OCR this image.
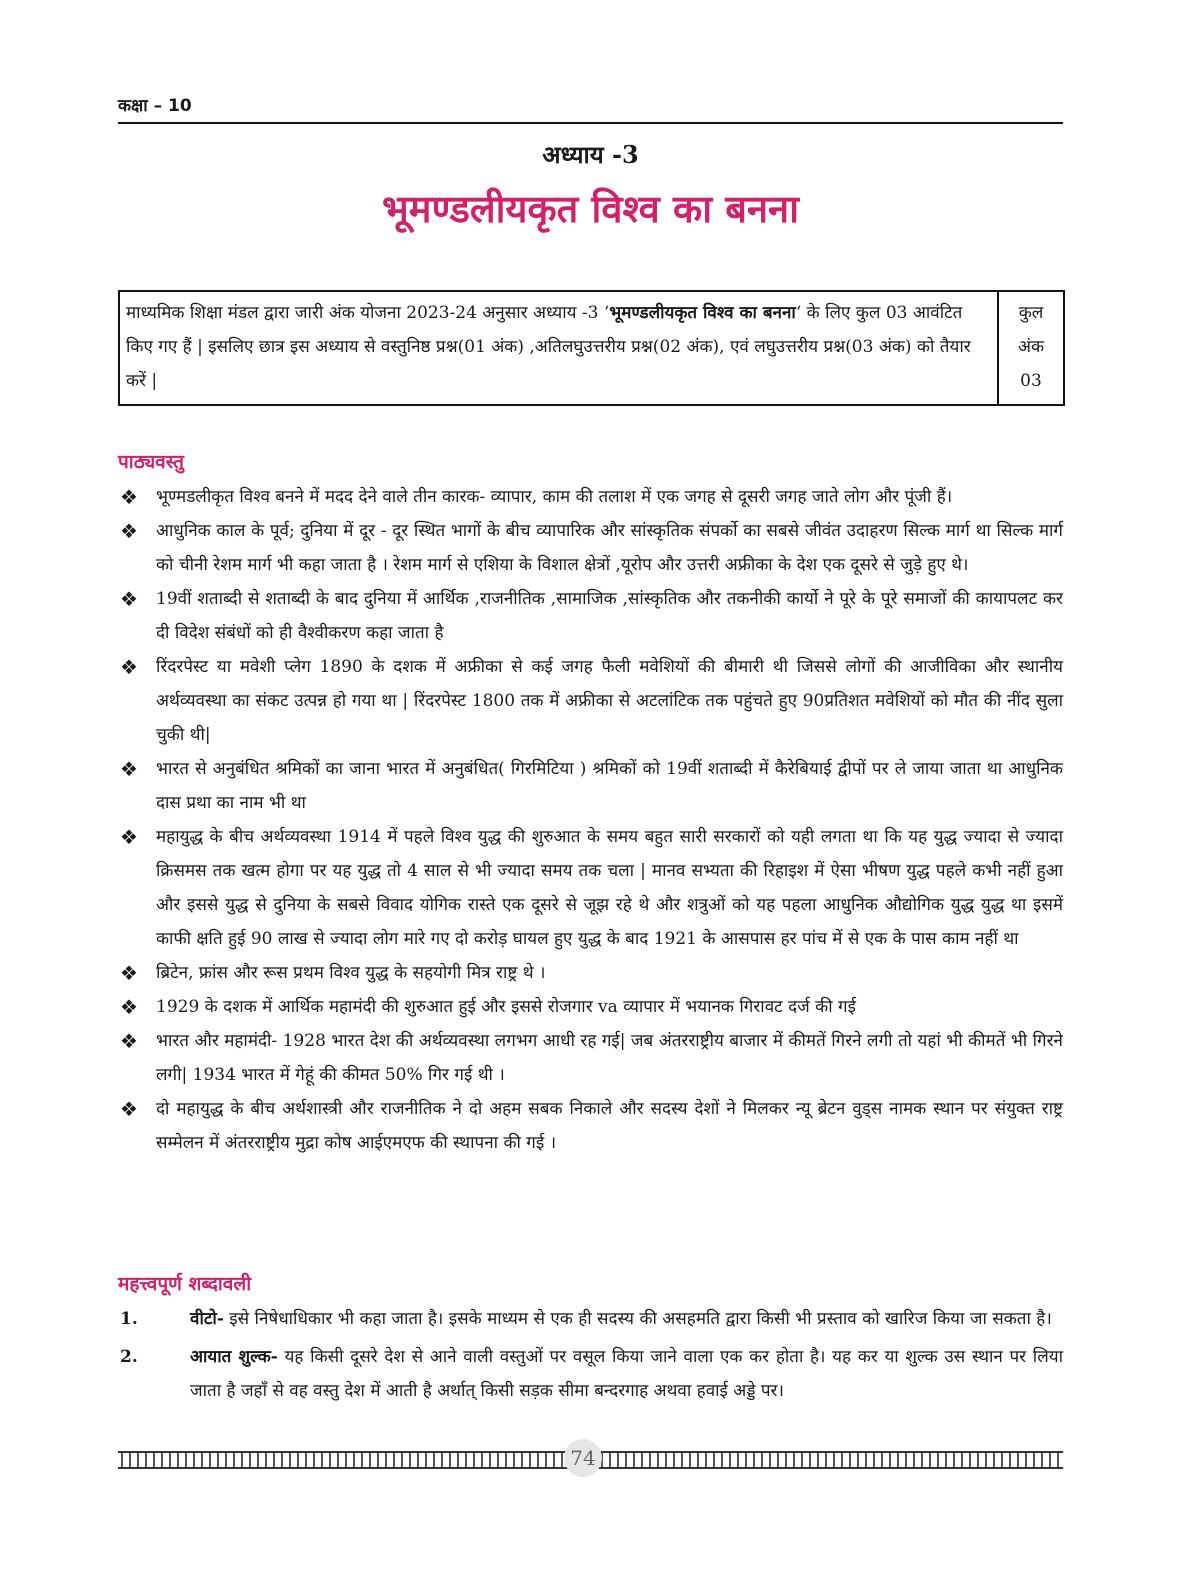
कक्षा – 10
अध्याय -3
भूमण्डलीयकृत विश्व का बनना
माध्यमिक शिक्षा मंडल द्वारा जारी अंक योजना 2023-24 अनुसार अध्याय -3 ‘भूमण्डलीयकृत विश्व का बनना‘ के लिए कुल 03 आवंटित किए गए हैं | इसलिए छात्र इस अध्याय से वस्तुनिष्ठ प्रश्न(01 अंक) ,अतिलघुउत्तरीय प्रश्न(02 अंक), एवं लघुउत्तरीय प्रश्न(03 अंक) को तैयार करें |
कुल
अंक
03
पाठ्यवस्तु
❖ भूण्मडलीकृत विश्व बनने में मदद देने वाले तीन कारक- व्यापार, काम की तलाश में एक जगह से दूसरी जगह जाते लोग और पूंजी हैं।
❖ आधुनिक काल के पूर्व; दुनिया में दूर - दूर स्थित भागों के बीच व्यापारिक और सांस्कृतिक संपर्को का सबसे जीवंत उदाहरण सिल्क मार्ग था सिल्क मार्ग को चीनी रेशम मार्ग भी कहा जाता है । रेशम मार्ग से एशिया के विशाल क्षेत्रों ,यूरोप और उत्तरी अफ्रीका के देश एक दूसरे से जुड़े हुए थे।
❖ 19वीं शताब्दी से शताब्दी के बाद दुनिया में आर्थिक ,राजनीतिक ,सामाजिक ,सांस्कृतिक और तकनीकी कार्यो ने पूरे के पूरे समाजों की कायापलट कर दी विदेश संबंधों को ही वैश्वीकरण कहा जाता है
❖ रिंदरपेस्ट या मवेशी प्लेग 1890 के दशक में अफ्रीका से कई जगह फैली मवेशियों की बीमारी थी जिससे लोगों की आजीविका और स्थानीय अर्थव्यवस्था का संकट उत्पन्न हो गया था | रिंदरपेस्ट 1800 तक में अफ्रीका से अटलांटिक तक पहुंचते हुए 90प्रतिशत मवेशियों को मौत की नींद सुला चुकी थी|
❖ भारत से अनुबंधित श्रमिकों का जाना भारत में अनुबंधित( गिरमिटिया ) श्रमिकों को 19वीं शताब्दी में कैरेबियाई द्वीपों पर ले जाया जाता था आधुनिक दास प्रथा का नाम भी था
❖ महायुद्ध के बीच अर्थव्यवस्था 1914 में पहले विश्व युद्ध की शुरुआत के समय बहुत सारी सरकारों को यही लगता था कि यह युद्ध ज्यादा से ज्यादा क्रिसमस तक खत्म होगा पर यह युद्ध तो 4 साल से भी ज्यादा समय तक चला | मानव सभ्यता की रिहाइश में ऐसा भीषण युद्ध पहले कभी नहीं हुआ और इससे युद्ध से दुनिया के सबसे विवाद योगिक रास्ते एक दूसरे से जूझ रहे थे और शत्रुओं को यह पहला आधुनिक औद्योगिक युद्ध युद्ध था इसमें काफी क्षति हुई 90 लाख से ज्यादा लोग मारे गए दो करोड़ घायल हुए युद्ध के बाद 1921 के आसपास हर पांच में से एक के पास काम नहीं था
❖ ब्रिटेन, फ्रांस और रूस प्रथम विश्व युद्ध के सहयोगी मित्र राष्ट्र थे ।
❖ 1929 के दशक में आर्थिक महामंदी की शुरुआत हुई और इससे रोजगार va व्यापार में भयानक गिरावट दर्ज की गई
❖ भारत और महामंदी- 1928 भारत देश की अर्थव्यवस्था लगभग आधी रह गई| जब अंतरराष्ट्रीय बाजार में कीमतें गिरने लगी तो यहां भी कीमतें भी गिरने लगी| 1934 भारत में गेहूं की कीमत 50% गिर गई थी ।
❖ दो महायुद्ध के बीच अर्थशास्त्री और राजनीतिक ने दो अहम सबक निकाले और सदस्य देशों ने मिलकर न्यू ब्रेटन वुड्स नामक स्थान पर संयुक्त राष्ट्र सम्मेलन में अंतरराष्ट्रीय मुद्रा कोष आईएमएफ की स्थापना की गई ।
महत्त्वपूर्ण शब्दावली
1.	वीटो- इसे निषेधाधिकार भी कहा जाता है। इसके माध्यम से एक ही सदस्य की असहमति द्वारा किसी भी प्रस्ताव को खारिज किया जा सकता है।
2.	आयात शुल्क- यह किसी दूसरे देश से आने वाली वस्तुओं पर वसूल किया जाने वाला एक कर होता है। यह कर या शुल्क उस स्थान पर लिया जाता है जहाँ से वह वस्तु देश में आती है अर्थात् किसी सड़क सीमा बन्दरगाह अथवा हवाई अड्डे पर।
74
